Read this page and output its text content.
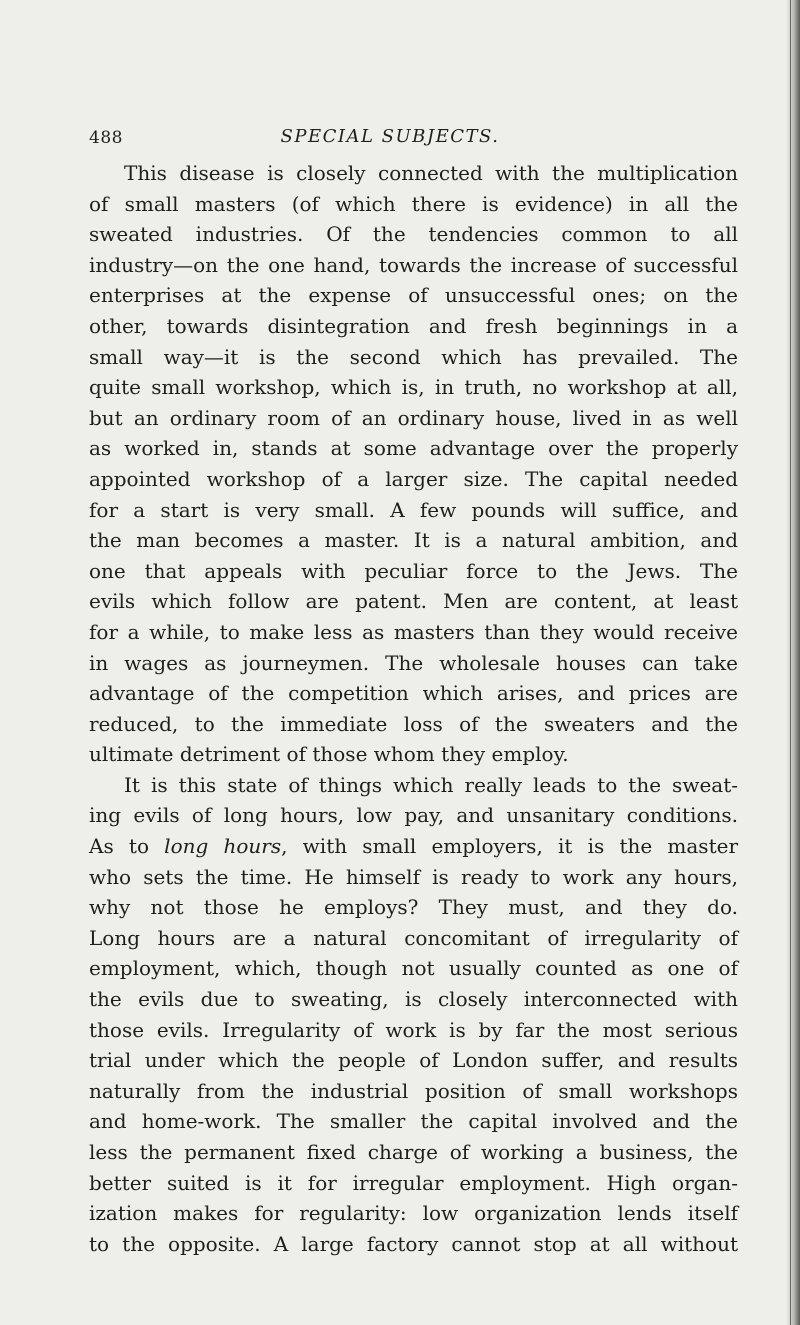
488	SPECIAL SUBJECTS.

This disease is closely connected with the multiplication
of small masters (of which there is evidence) in all the
sweated industries. Of the tendencies common to all
industry—on the one hand, towards the increase of successful
enterprises at the expense of unsuccessful ones; on the
other, towards disintegration and fresh beginnings in a
small way—it is the second which has prevailed. The
quite small workshop, which is, in truth, no workshop at all,
but an ordinary room of an ordinary house, lived in as well
as worked in, stands at some advantage over the properly
appointed workshop of a larger size. The capital needed
for a start is very small. A few pounds will suffice, and
the man becomes a master. It is a natural ambition, and
one that appeals with peculiar force to the Jews. The
evils which follow are patent. Men are content, at least
for a while, to make less as masters than they would receive
in wages as journeymen. The wholesale houses can take
advantage of the competition which arises, and prices are
reduced, to the immediate loss of the sweaters and the
ultimate detriment of those whom they employ.
It is this state of things which really leads to the sweat-
ing evils of long hours, low pay, and unsanitary conditions.
As to long hours, with small employers, it is the master
who sets the time. He himself is ready to work any hours,
why not those he employs? They must, and they do.
Long hours are a natural concomitant of irregularity of
employment, which, though not usually counted as one of
the evils due to sweating, is closely interconnected with
those evils. Irregularity of work is by far the most serious
trial under which the people of London suffer, and results
naturally from the industrial position of small workshops
and home-work. The smaller the capital involved and the
less the permanent fixed charge of working a business, the
better suited is it for irregular employment. High organ-
ization makes for regularity: low organization lends itself
to the opposite. A large factory cannot stop at all without
